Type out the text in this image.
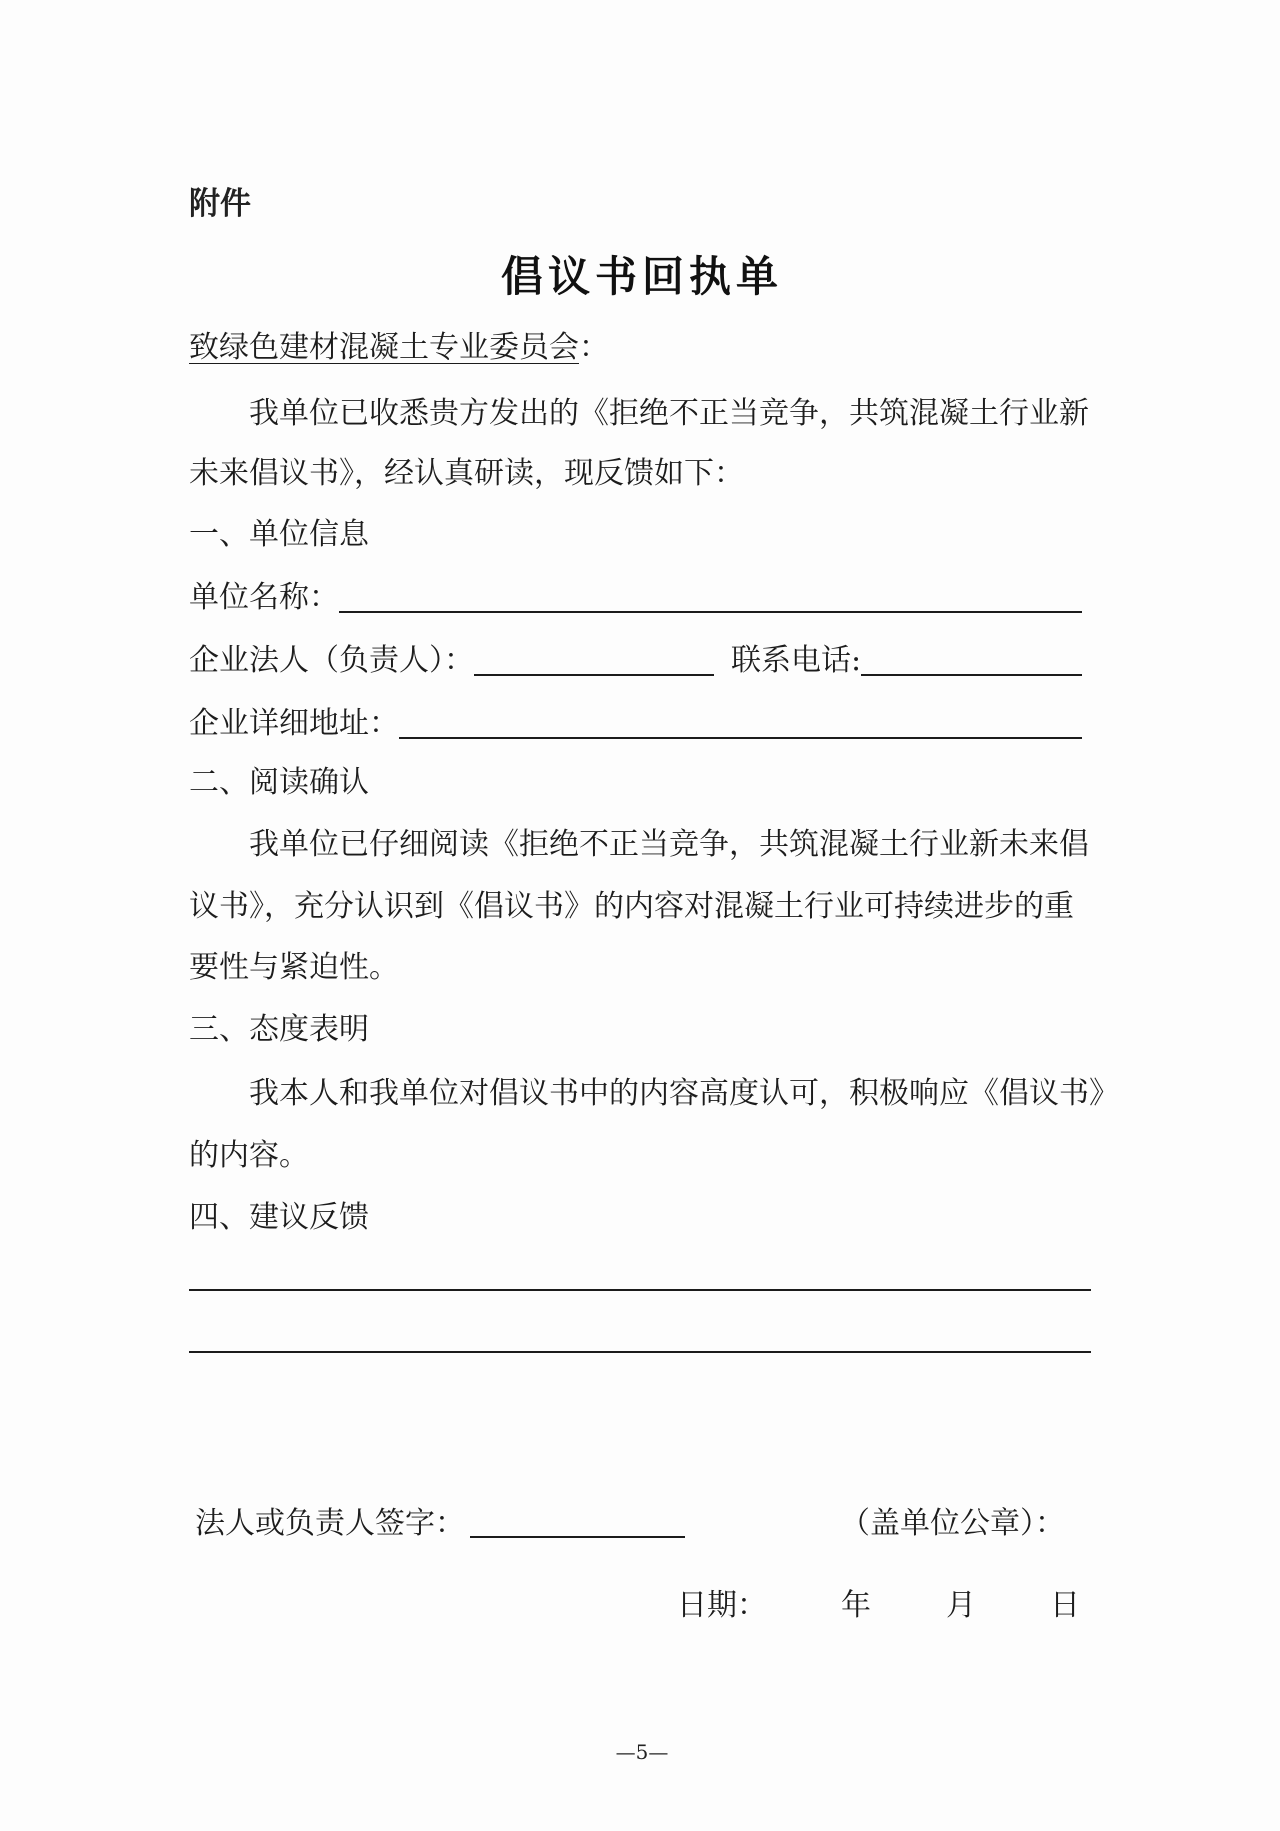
附件
倡议书回执单
致绿色建材混凝土专业委员会：
我单位已收悉贵方发出的《拒绝不正当竞争，共筑混凝土行业新
未来倡议书》，经认真研读，现反馈如下：
一、单位信息
单位名称：
企业法人（负责人）：	联系电话:
企业详细地址：
二、阅读确认
我单位已仔细阅读《拒绝不正当竞争，共筑混凝土行业新未来倡
议书》，充分认识到《倡议书》的内容对混凝土行业可持续进步的重
要性与紧迫性。
三、态度表明
我本人和我单位对倡议书中的内容高度认可，积极响应《倡议书》
的内容。
四、建议反馈
法人或负责人签字：	（盖单位公章）：
日期： 年	月 日
—5—
